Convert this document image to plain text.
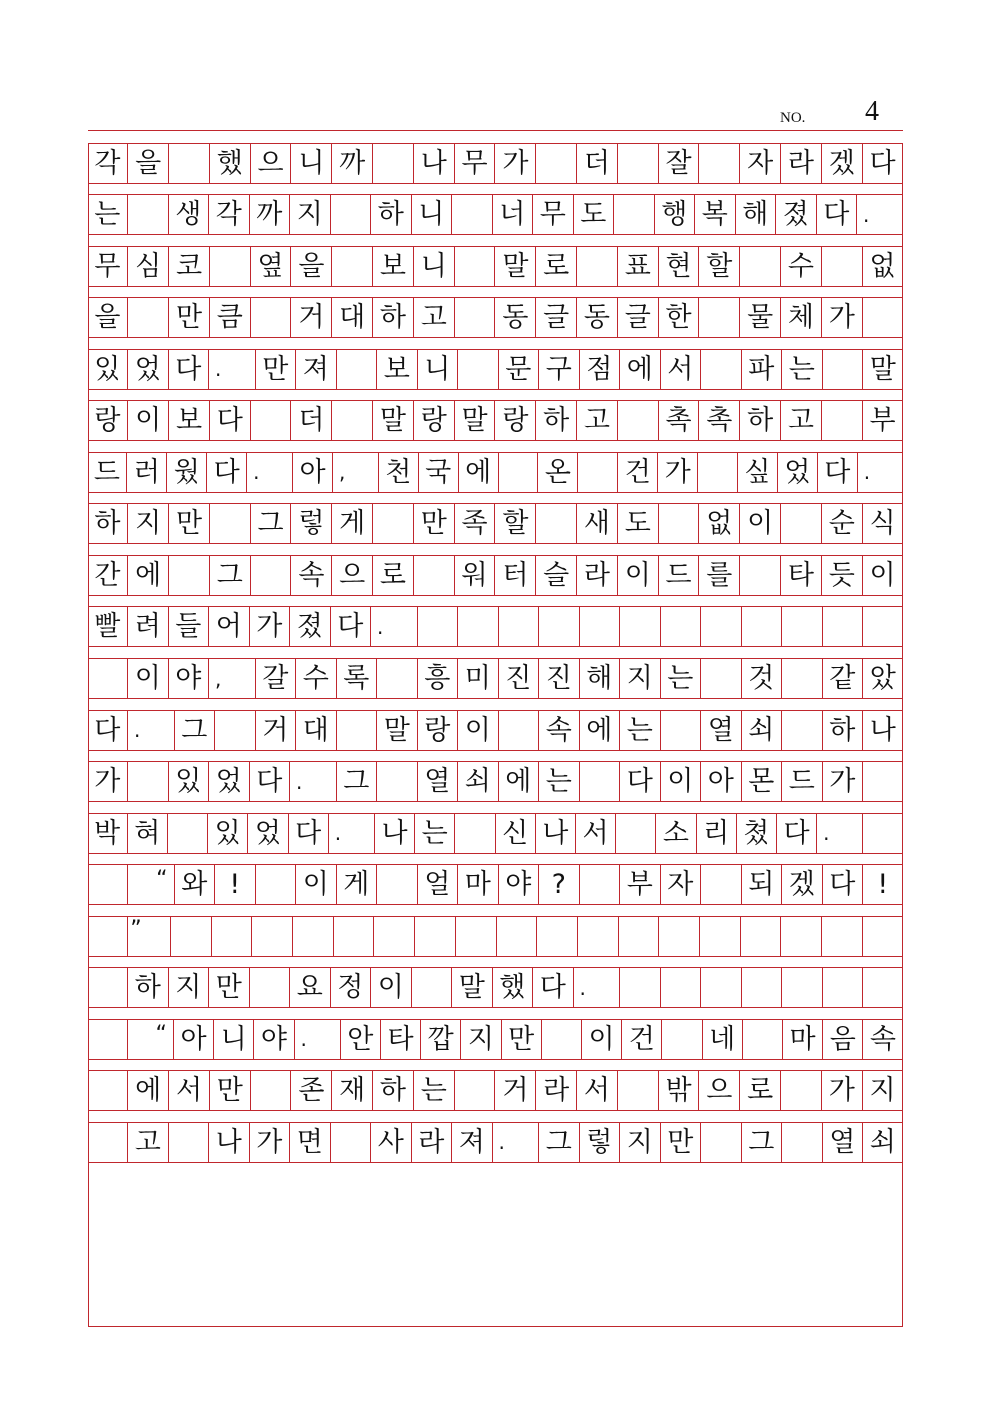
NO. 4
각 을 했 으 니 까 나 무 가 더 잘 자 라 겠 다
는 생 각 까 지 하 니 너 무 도 행 복 해 졌 다 .
무 심 코 옆 을 보 니 말 로 표 현 할 수 없
을 만 큼 거 대 하 고 동 글 동 글 한 물 체 가
있 었 다 .	만 져 보 니 문 구 점 에 서 파 는 말
랑 이 보 다 더 말 랑 말 랑 하 고 촉 촉 하 고 부
드 러 웠 다 .	아 ,	천 국 에 온 건 가 싶 었 다 .
하 지 만 그 렇 게 만 족 할 새 도 없 이 순 식
간 에 그 속 으 로 워 터 슬 라 이 드 를 타 듯 이
빨 려 들 어 가 졌 다 .
이 야 ,	갈 수 록 흥 미 진 진 해 지 는 것 같 았
다 .	그 거 대 말 랑 이 속 에 는 열 쇠 하 나
가 있 었 다 .	그 열 쇠 에 는 다 이 아 몬 드 가
박 혀 있 었 다 .	나 는 신 나 서 소 리 쳤 다 .
“ 와 !	이 게 얼 마 야 ?	부 자 되 겠 다 !
”
하 지 만 요 정 이 말 했 다 .
“ 아 니 야 .	안 타 깝 지 만 이 건 네 마 음 속
에 서 만 존 재 하 는 거 라 서 밖 으 로 가 지
고 나 가 면 사 라 져 .	그 렇 지 만 그 열 쇠
